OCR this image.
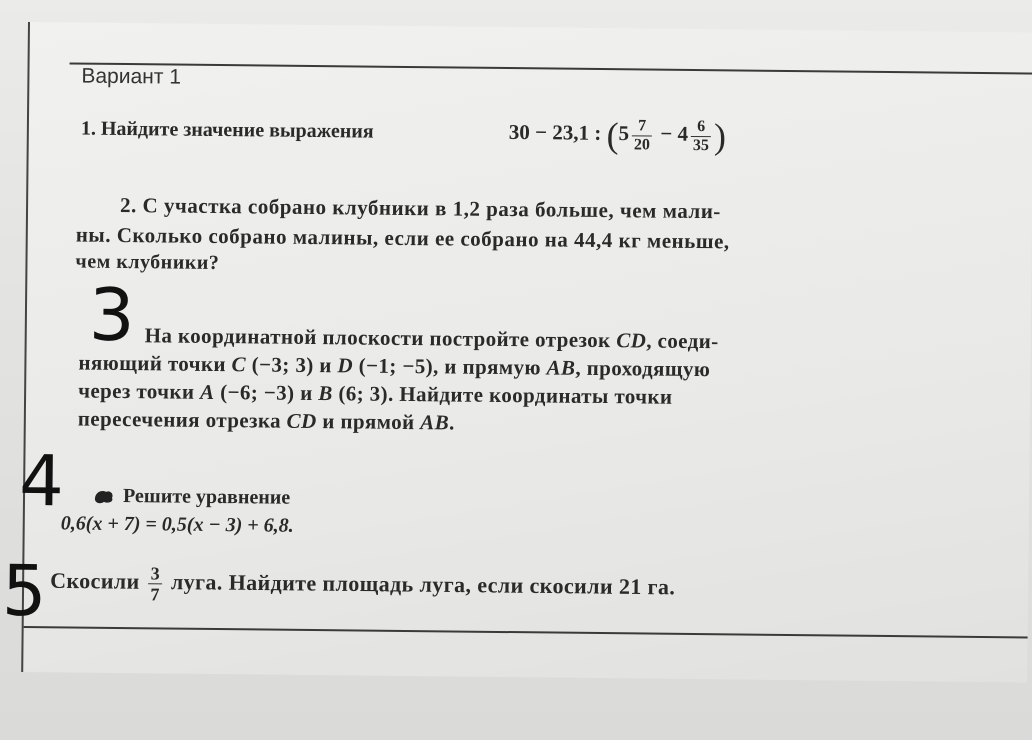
Вариант 1
1. Найдите значение выражения	30 − 23,1 : ($5 \frac{7}{20} - 4 \frac{6}{35}$ )
2. С участка собрано клубники в 1,2 раза больше, чем мали-
ны. Сколько собрано малины, если ее собрано на 44,4 кг меньше,
чем клубники?
3 На координатной плоскости постройте отрезок CD, соеди-
няющий точки C (−3; 3) и D (−1; −5), и прямую AB, проходящую
через точки A (−6; −3) и B (6; 3). Найдите координаты точки
пересечения отрезка CD и прямой AB.
4	Решите уравнение
0,6(x + 7) = 0,5(x − 3) + 6,8.
5 Скосили $\frac{3}{7}$ луга. Найдите площадь луга, если скосили 21 га.
